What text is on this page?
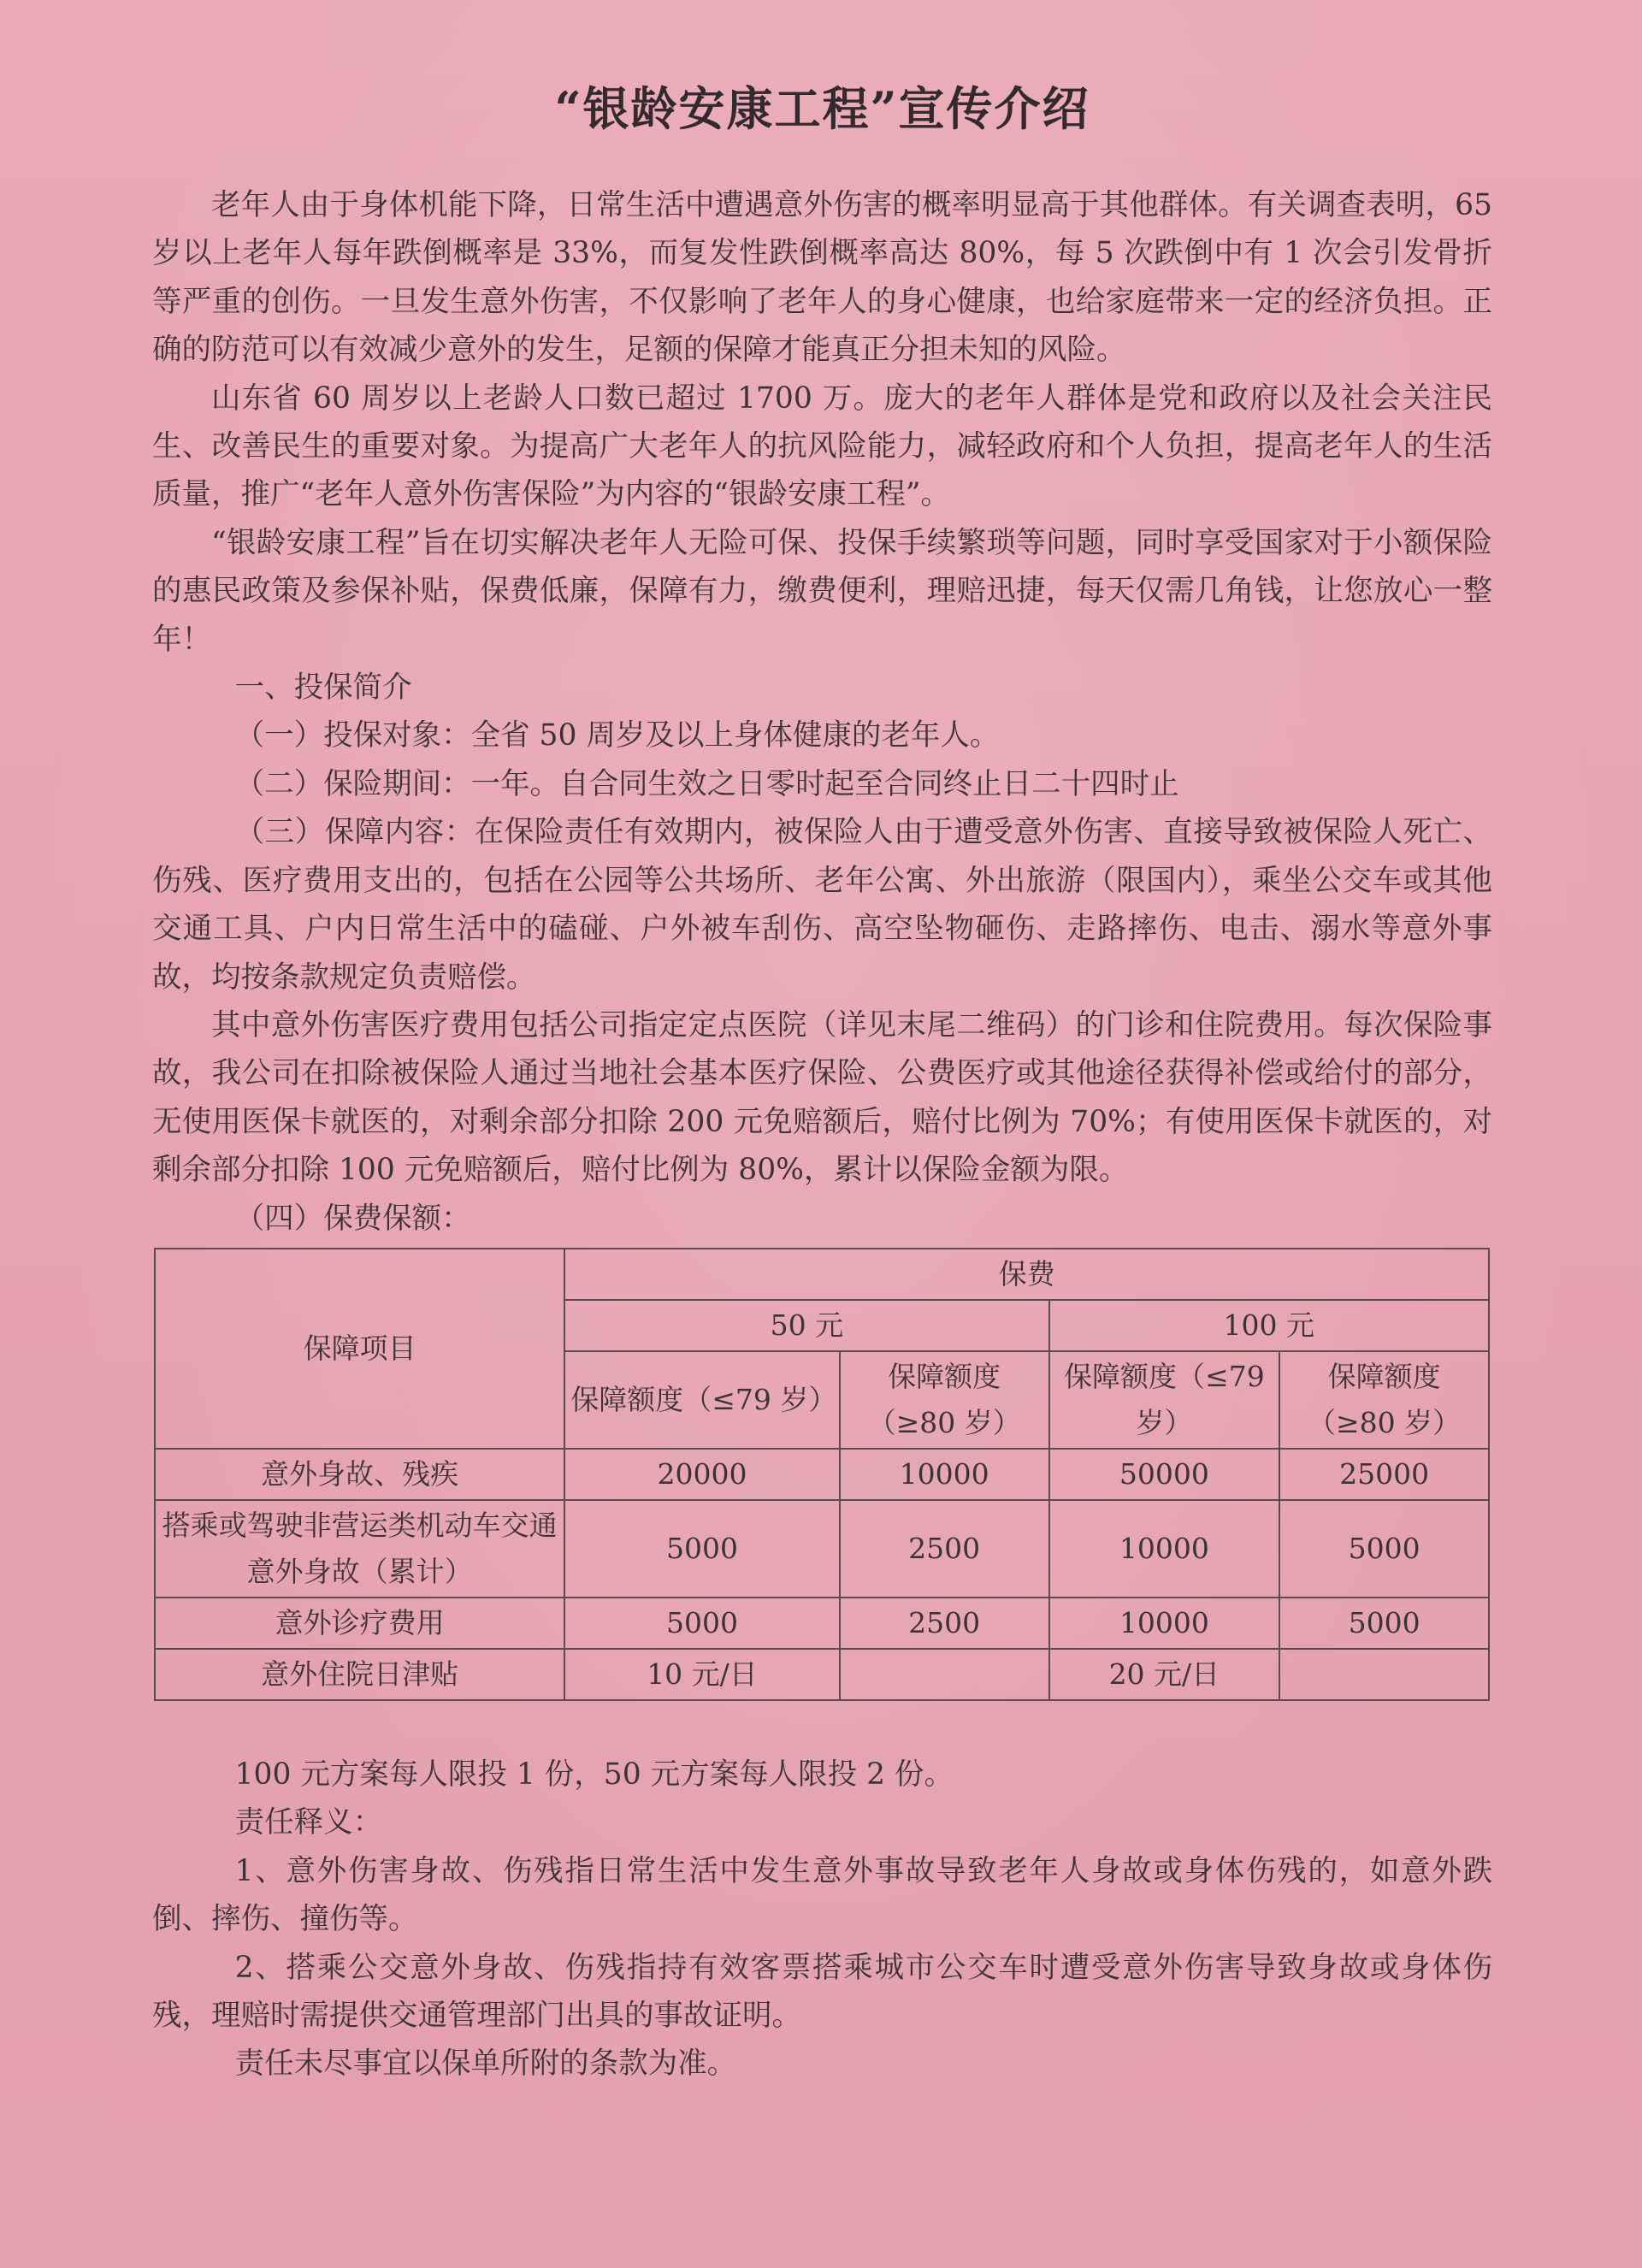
“银龄安康工程”宣传介绍

老年人由于身体机能下降，日常生活中遭遇意外伤害的概率明显高于其他群体。有关调查表明，65 岁以上老年人每年跌倒概率是 33%，而复发性跌倒概率高达 80%，每 5 次跌倒中有 1 次会引发骨折等严重的创伤。一旦发生意外伤害，不仅影响了老年人的身心健康，也给家庭带来一定的经济负担。正确的防范可以有效减少意外的发生，足额的保障才能真正分担未知的风险。

山东省 60 周岁以上老龄人口数已超过 1700 万。庞大的老年人群体是党和政府以及社会关注民生、改善民生的重要对象。为提高广大老年人的抗风险能力，减轻政府和个人负担，提高老年人的生活质量，推广“老年人意外伤害保险”为内容的“银龄安康工程”。

“银龄安康工程”旨在切实解决老年人无险可保、投保手续繁琐等问题，同时享受国家对于小额保险的惠民政策及参保补贴，保费低廉，保障有力，缴费便利，理赔迅捷，每天仅需几角钱，让您放心一整年！

一、投保简介

（一）投保对象：全省 50 周岁及以上身体健康的老年人。

（二）保险期间：一年。自合同生效之日零时起至合同终止日二十四时止

（三）保障内容：在保险责任有效期内，被保险人由于遭受意外伤害、直接导致被保险人死亡、伤残、医疗费用支出的，包括在公园等公共场所、老年公寓、外出旅游（限国内），乘坐公交车或其他交通工具、户内日常生活中的磕碰、户外被车刮伤、高空坠物砸伤、走路摔伤、电击、溺水等意外事故，均按条款规定负责赔偿。

其中意外伤害医疗费用包括公司指定定点医院（详见末尾二维码）的门诊和住院费用。每次保险事故，我公司在扣除被保险人通过当地社会基本医疗保险、公费医疗或其他途径获得补偿或给付的部分，无使用医保卡就医的，对剩余部分扣除 200 元免赔额后，赔付比例为 70%；有使用医保卡就医的，对剩余部分扣除 100 元免赔额后，赔付比例为 80%，累计以保险金额为限。

（四）保费保额：

保障项目	保费			
	50 元		100 元	
	保障额度（≤79 岁）	保障额度（≥80 岁）	保障额度（≤79 岁）	保障额度（≥80 岁）
意外身故、残疾	20000	10000	50000	25000
搭乘或驾驶非营运类机动车交通意外身故（累计）	5000	2500	10000	5000
意外诊疗费用	5000	2500	10000	5000
意外住院日津贴	10 元/日		20 元/日	

100 元方案每人限投 1 份，50 元方案每人限投 2 份。

责任释义：

1、意外伤害身故、伤残指日常生活中发生意外事故导致老年人身故或身体伤残的，如意外跌倒、摔伤、撞伤等。

2、搭乘公交意外身故、伤残指持有效客票搭乘城市公交车时遭受意外伤害导致身故或身体伤残，理赔时需提供交通管理部门出具的事故证明。

责任未尽事宜以保单所附的条款为准。
